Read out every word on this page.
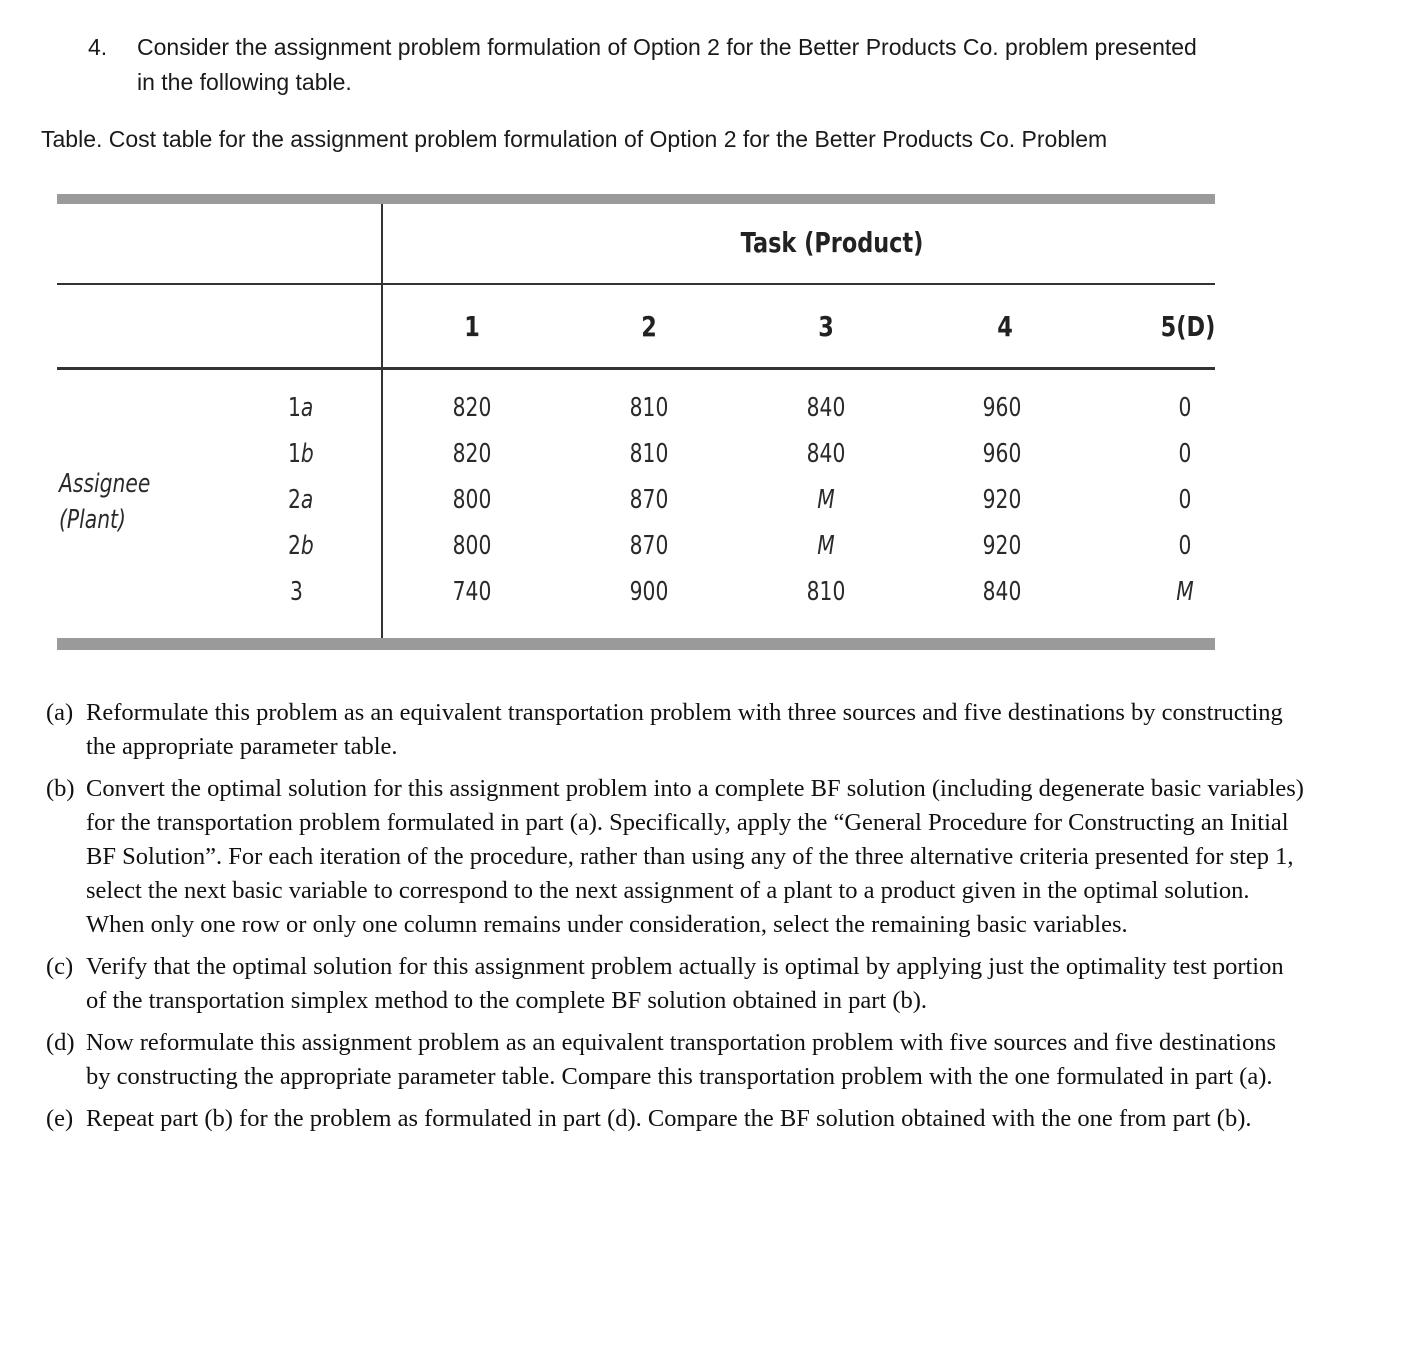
4. Consider the assignment problem formulation of Option 2 for the Better Products Co. problem presented
in the following table.
Table. Cost table for the assignment problem formulation of Option 2 for the Better Products Co. Problem
Task (Product)
1	2	3	4	5(D)
Assignee
(Plant)
1a	820	810	840	960	0
1b	820	810	840	960	0
2a	800	870	M	920	0
2b	800	870	M	920	0
3	740	900	810	840	M
(a) Reformulate this problem as an equivalent transportation problem with three sources and five destinations by constructing the appropriate parameter table.
(b) Convert the optimal solution for this assignment problem into a complete BF solution (including degenerate basic variables) for the transportation problem formulated in part (a). Specifically, apply the “General Procedure for Constructing an Initial BF Solution”. For each iteration of the procedure, rather than using any of the three alternative criteria presented for step 1, select the next basic variable to correspond to the next assignment of a plant to a product given in the optimal solution. When only one row or only one column remains under consideration, select the remaining basic variables.
(c) Verify that the optimal solution for this assignment problem actually is optimal by applying just the optimality test portion of the transportation simplex method to the complete BF solution obtained in part (b).
(d) Now reformulate this assignment problem as an equivalent transportation problem with five sources and five destinations by constructing the appropriate parameter table. Compare this transportation problem with the one formulated in part (a).
(e) Repeat part (b) for the problem as formulated in part (d). Compare the BF solution obtained with the one from part (b).
